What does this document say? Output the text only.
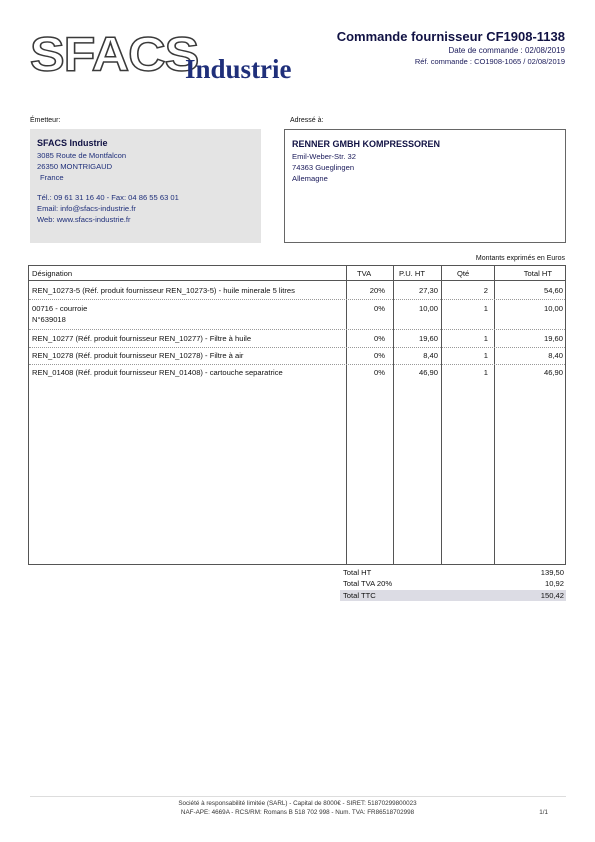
SFACS
Industrie
Commande fournisseur CF1908-1138
Date de commande : 02/08/2019
Réf. commande : CO1908-1065 / 02/08/2019
Émetteur:	Adressé à:
SFACS Industrie
3085 Route de Montfalcon
26350 MONTRIGAUD
France
Tél.: 09 61 31 16 40 - Fax: 04 86 55 63 01
Email: info@sfacs-industrie.fr
Web: www.sfacs-industrie.fr
RENNER GMBH KOMPRESSOREN
Emil-Weber-Str. 32
74363 Gueglingen
Allemagne
Montants exprimés en Euros
Désignation	TVA	P.U. HT	Qté	Total HT
REN_10273-5 (Réf. produit fournisseur REN_10273-5) - huile minerale 5 litres	20%	27,30	2	54,60
00716 - courroie
N°639018
0%	10,00	1	10,00
REN_10277 (Réf. produit fournisseur REN_10277) - Filtre à huile	0%	19,60	1	19,60
REN_10278 (Réf. produit fournisseur REN_10278) - Filtre à air	0%	8,40	1	8,40
REN_01408 (Réf. produit fournisseur REN_01408) - cartouche separatrice	0%	46,90	1	46,90
Total HT	139,50
Total TVA 20%	10,92
Total TTC	150,42
Société à responsabilité limitée (SARL) - Capital de 8000€ - SIRET: 51870299800023
NAF-APE: 4669A - RCS/RM: Romans B 518 702 998 - Num. TVA: FR86518702998	1/1
